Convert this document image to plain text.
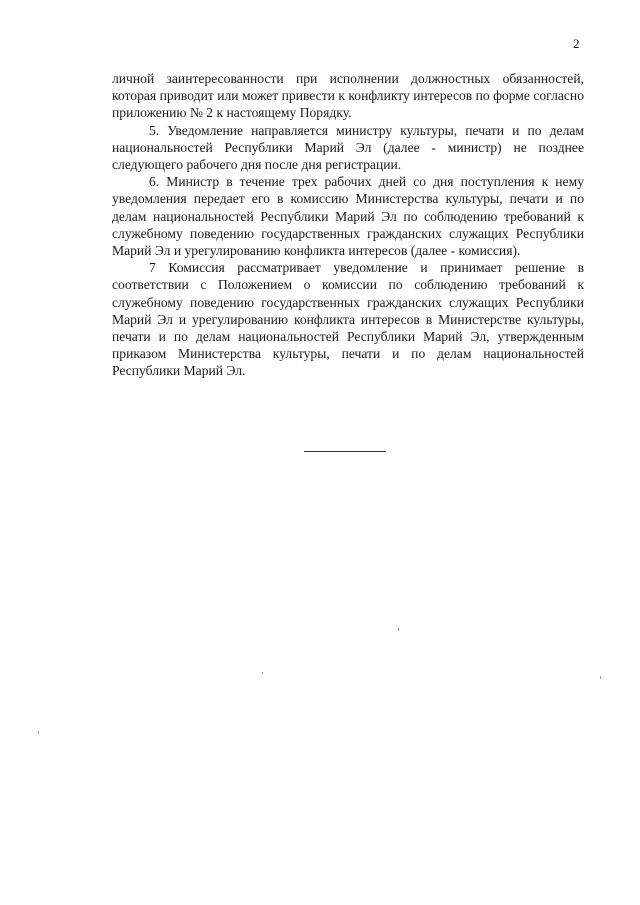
2

личной заинтересованности при исполнении должностных обязанностей, которая приводит или может привести к конфликту интересов по форме согласно приложению № 2 к настоящему Порядку.

5. Уведомление направляется министру культуры, печати и по делам национальностей Республики Марий Эл (далее - министр) не позднее следующего рабочего дня после дня регистрации.

6. Министр в течение трех рабочих дней со дня поступления к нему уведомления передает его в комиссию Министерства культуры, печати и по делам национальностей Республики Марий Эл по соблюдению требований к служебному поведению государственных гражданских служащих Республики Марий Эл и урегулированию конфликта интересов (далее - комиссия).

7 Комиссия рассматривает уведомление и принимает решение в соответствии с Положением о комиссии по соблюдению требований к служебному поведению государственных гражданских служащих Республики Марий Эл и урегулированию конфликта интересов в Министерстве культуры, печати и по делам национальностей Республики Марий Эл, утвержденным приказом Министерства культуры, печати и по делам национальностей Республики Марий Эл.
